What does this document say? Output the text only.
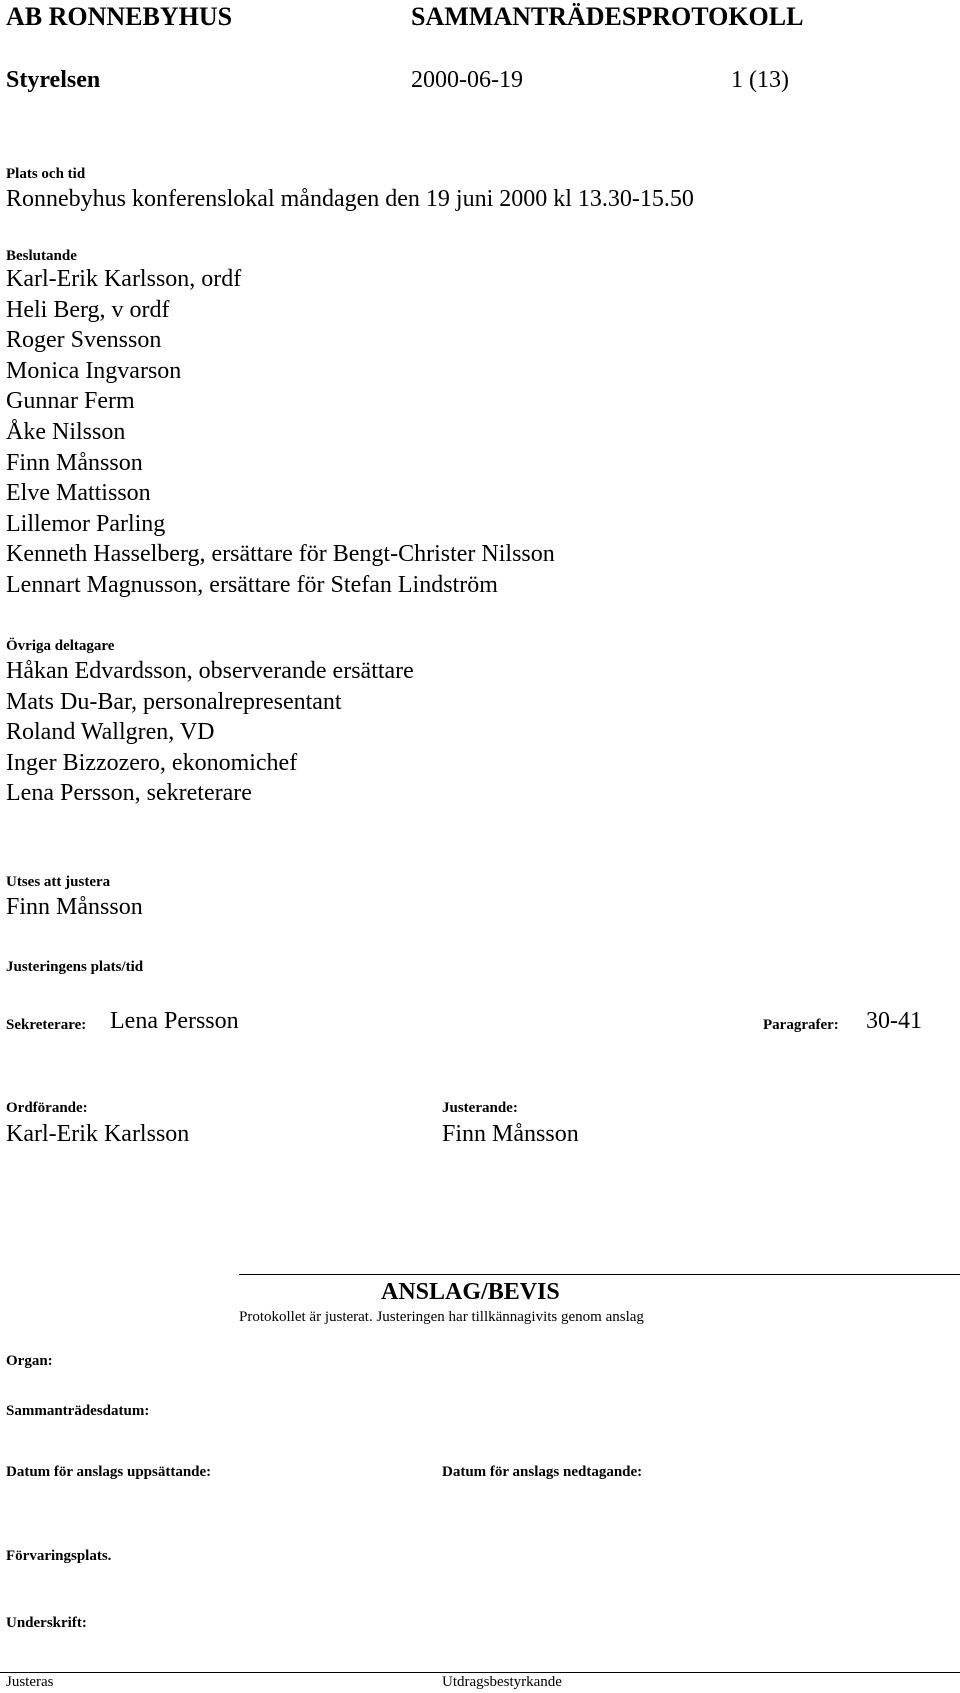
AB RONNEBYHUS	SAMMANTRÄDESPROTOKOLL
Styrelsen	2000-06-19	1 (13)
Plats och tid
Ronnebyhus konferenslokal måndagen den 19 juni 2000 kl 13.30-15.50
Beslutande
Karl-Erik Karlsson, ordf
Heli Berg, v ordf
Roger Svensson
Monica Ingvarson
Gunnar Ferm
Åke Nilsson
Finn Månsson
Elve Mattisson
Lillemor Parling
Kenneth Hasselberg, ersättare för Bengt-Christer Nilsson
Lennart Magnusson, ersättare för Stefan Lindström
Övriga deltagare
Håkan Edvardsson, observerande ersättare
Mats Du-Bar, personalrepresentant
Roland Wallgren, VD
Inger Bizzozero, ekonomichef
Lena Persson, sekreterare
Utses att justera
Finn Månsson
Justeringens plats/tid
Sekreterare: Lena Persson	Paragrafer: 30-41
Ordförande:
Karl-Erik Karlsson
Justerande:
Finn Månsson
ANSLAG/BEVIS
Protokollet är justerat. Justeringen har tillkännagivits genom anslag
Organ:
Sammanträdesdatum:
Datum för anslags uppsättande:	Datum för anslags nedtagande:
Förvaringsplats.
Underskrift:
Justeras	Utdragsbestyrkande
